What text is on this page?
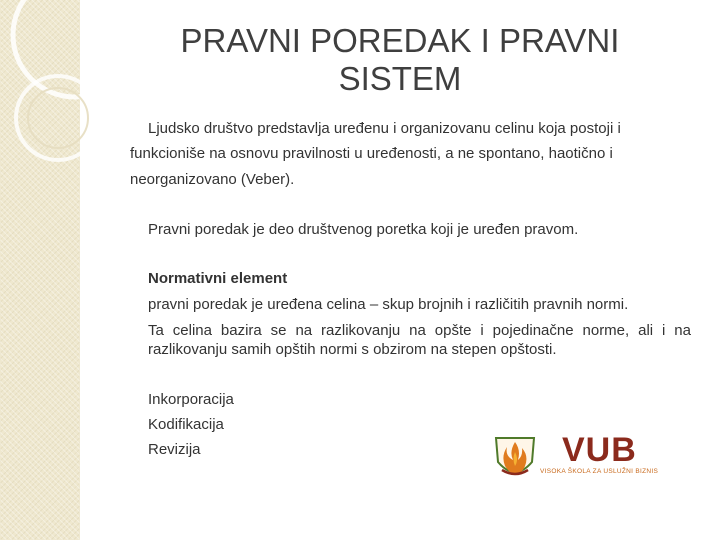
PRAVNI POREDAK I PRAVNI
SISTEM
Ljudsko društvo predstavlja uređenu i organizovanu celinu koja postoji i
funkcioniše na osnovu pravilnosti u uređenosti, a ne spontano, haotično i
neorganizovano (Veber).
Pravni poredak je deo društvenog poretka koji je uređen pravom.
Normativni element
pravni poredak je uređena celina – skup brojnih i različitih pravnih normi.
Ta celina bazira se na razlikovanju na opšte i pojedinačne norme, ali i na
razlikovanju samih opštih normi s obzirom na stepen opštosti.
Inkorporacija
Kodifikacija
Revizija	VUB
VISOKA ŠKOLA ZA USLUŽNI BIZNIS
